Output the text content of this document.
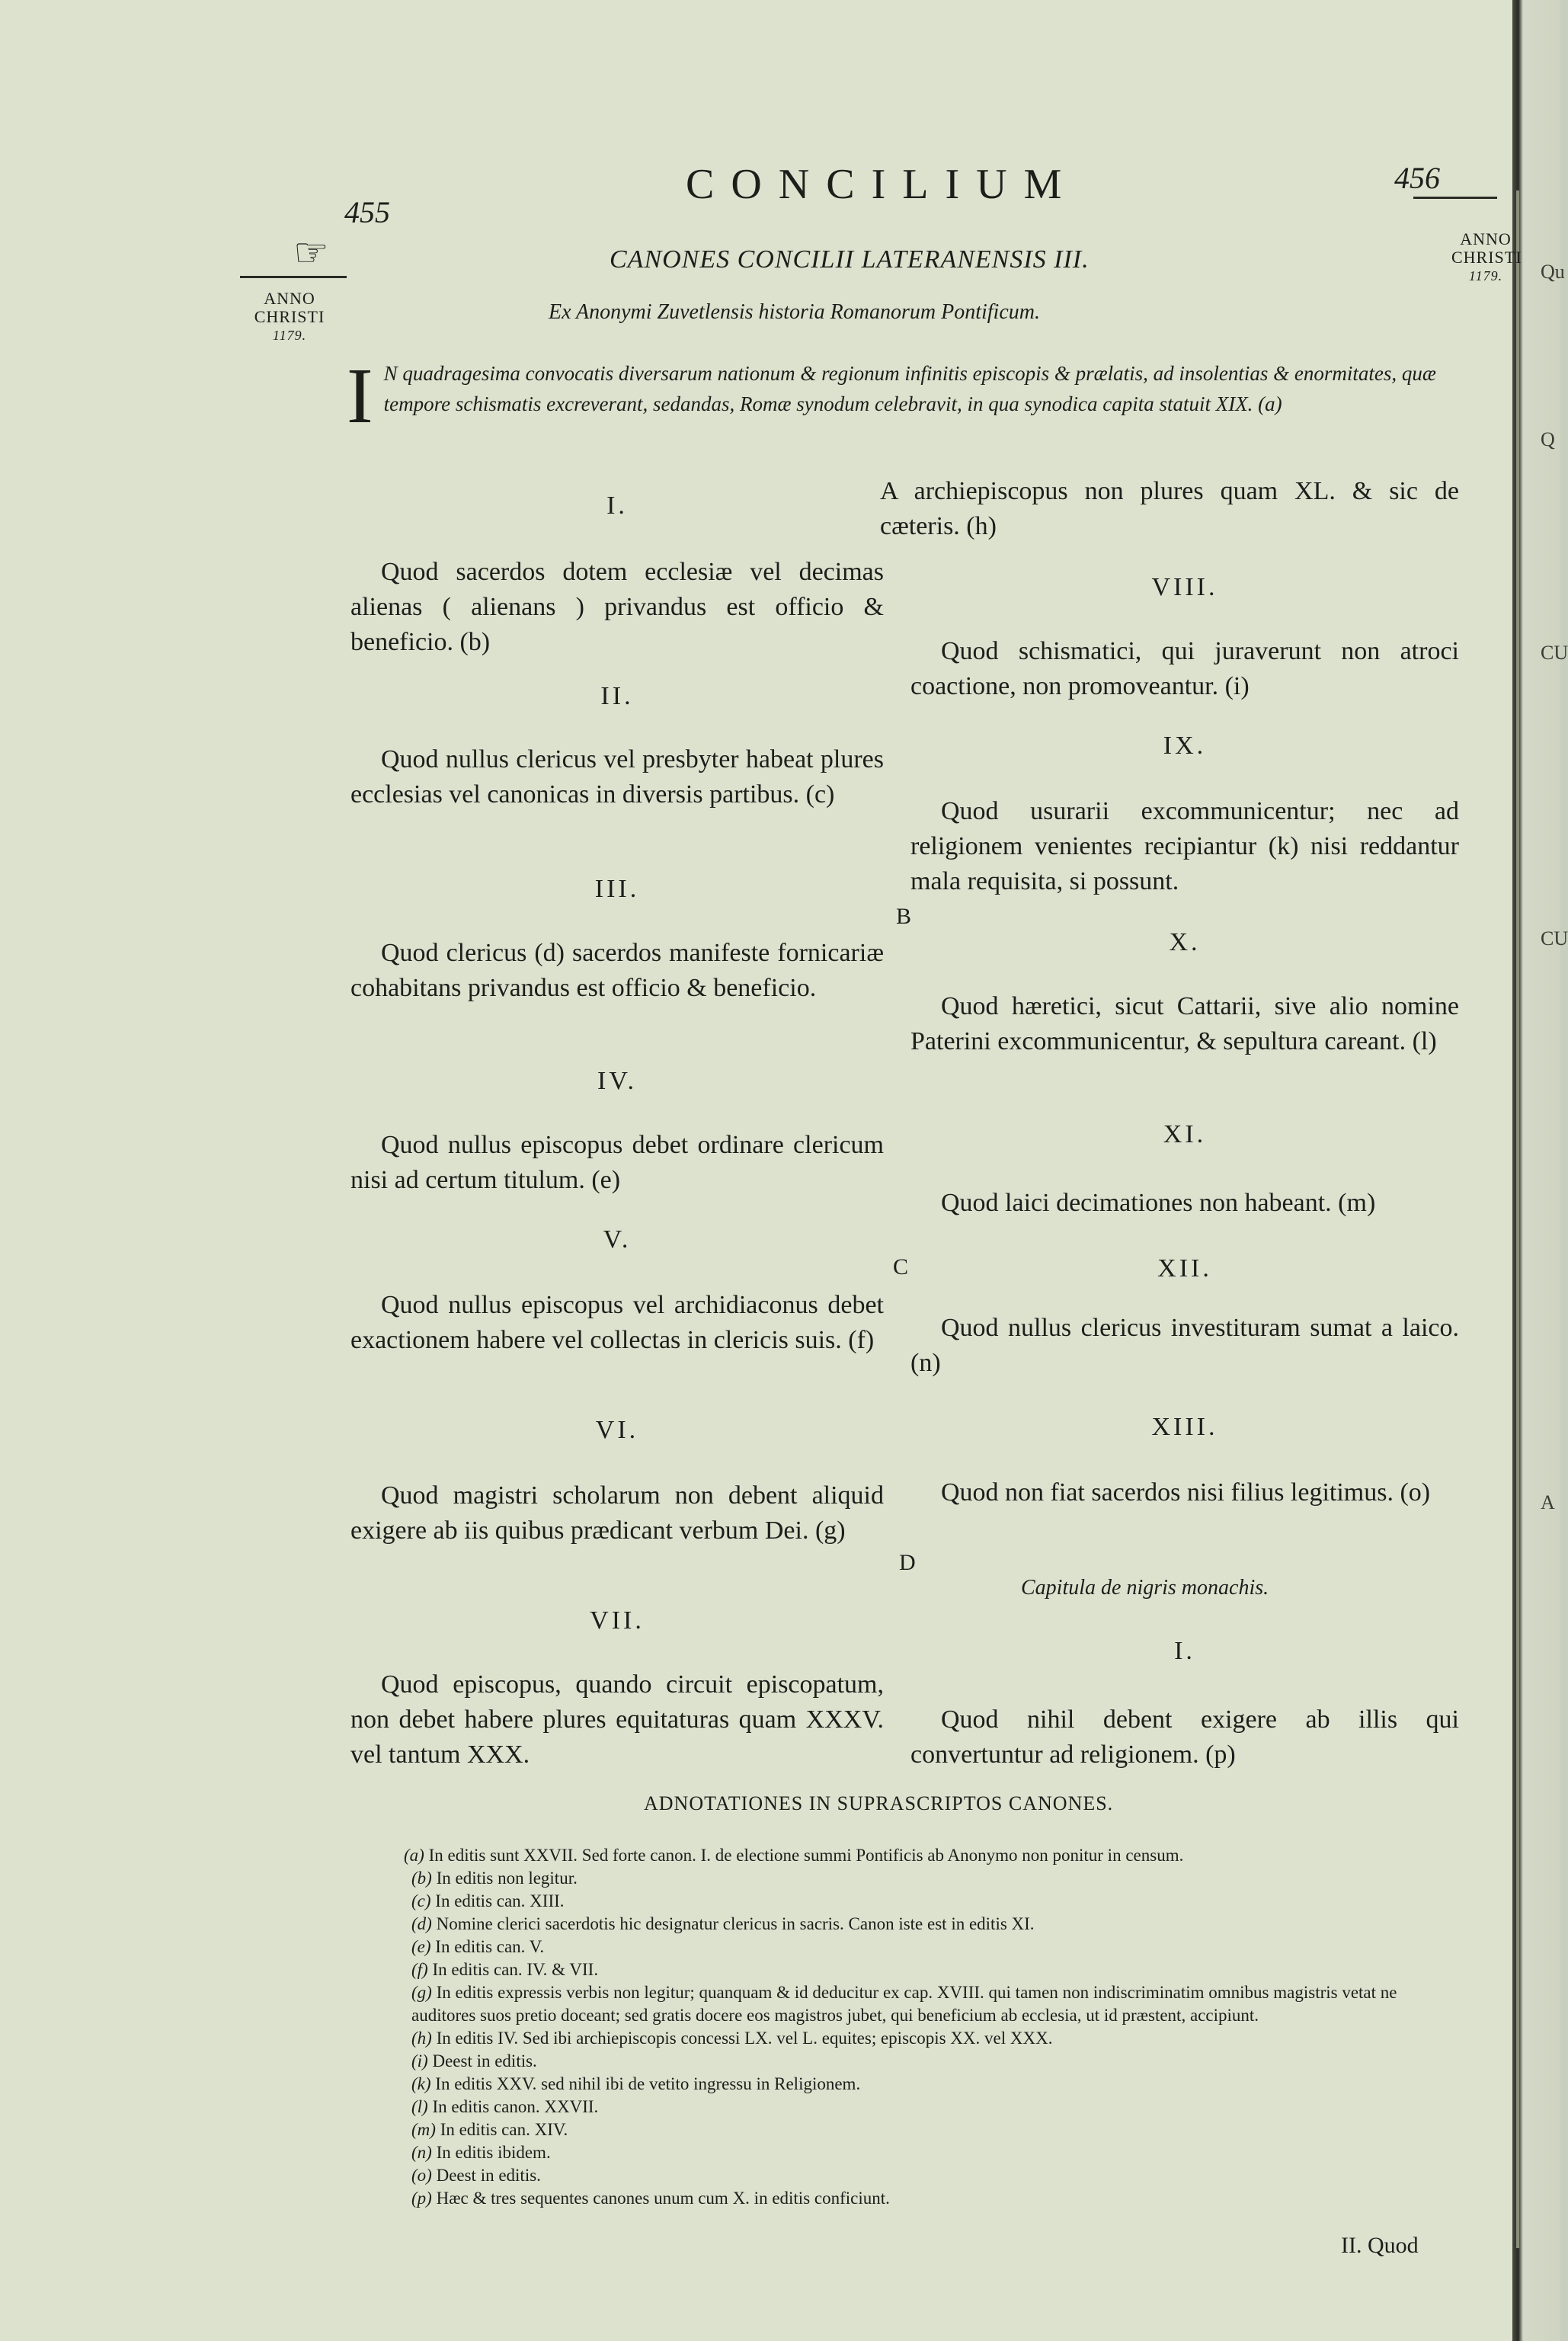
Qu
Q
CU
CU
A
CONCILIUM
455
456
☞
ANNO
CHRISTI
1179.
ANNO
CHRISTI
1179.
CANONES CONCILII LATERANENSIS III.
Ex Anonymi Zuvetlensis historia Romanorum Pontificum.
I N quadragesima convocatis diversarum nationum & regionum infinitis episcopis & prælatis, ad insolentias & enormitates, quæ tempore schismatis excreverant, sedandas, Romæ synodum celebravit, in qua synodica capita statuit XIX. (a)
I.
Quod sacerdos dotem ecclesiæ vel decimas alienas ( alienans ) privandus est officio & beneficio. (b)
II.
Quod nullus clericus vel presbyter habeat plures ecclesias vel canonicas in diversis partibus. (c)
III.
Quod clericus (d) sacerdos manifeste fornicariæ cohabitans privandus est officio & beneficio.
IV.
Quod nullus episcopus debet ordinare clericum nisi ad certum titulum. (e)
V.
Quod nullus episcopus vel archidiaconus debet exactionem habere vel collectas in clericis suis. (f)
VI.
Quod magistri scholarum non debent aliquid exigere ab iis quibus prædicant verbum Dei. (g)
VII.
Quod episcopus, quando circuit episcopatum, non debet habere plures equitaturas quam XXXV. vel tantum XXX.
A archiepiscopus non plures quam XL. & sic de cæteris. (h)
VIII.
Quod schismatici, qui juraverunt non atroci coactione, non promoveantur. (i)
IX.
Quod usurarii excommunicentur; nec ad religionem venientes recipiantur (k) nisi reddantur mala requisita, si possunt.
X.
Quod hæretici, sicut Cattarii, sive alio nomine Paterini excommunicentur, & sepultura careant. (l)
XI.
Quod laici decimationes non habeant. (m)
XII.
Quod nullus clericus investituram sumat a laico. (n)
XIII.
Quod non fiat sacerdos nisi filius legitimus. (o)
Capitula de nigris monachis.
I.
Quod nihil debent exigere ab illis qui convertuntur ad religionem. (p)
B
C
D
ADNOTATIONES IN SUPRASCRIPTOS CANONES.

(a) In editis sunt XXVII. Sed forte canon. I. de electione summi Pontificis ab Anonymo non ponitur in censum.

(b) In editis non legitur.

(c) In editis can. XIII.

(d) Nomine clerici sacerdotis hic designatur clericus in sacris. Canon iste est in editis XI.

(e) In editis can. V.

(f) In editis can. IV. & VII.

(g) In editis expressis verbis non legitur; quanquam & id deducitur ex cap. XVIII. qui tamen non indiscriminatim omnibus magistris vetat ne auditores suos pretio doceant; sed gratis docere eos magistros jubet, qui beneficium ab ecclesia, ut id præstent, accipiunt.

(h) In editis IV. Sed ibi archiepiscopis concessi LX. vel L. equites; episcopis XX. vel XXX.

(i) Deest in editis.

(k) In editis XXV. sed nihil ibi de vetito ingressu in Religionem.

(l) In editis canon. XXVII.

(m) In editis can. XIV.

(n) In editis ibidem.

(o) Deest in editis.

(p) Hæc & tres sequentes canones unum cum X. in editis conficiunt.

II. Quod
